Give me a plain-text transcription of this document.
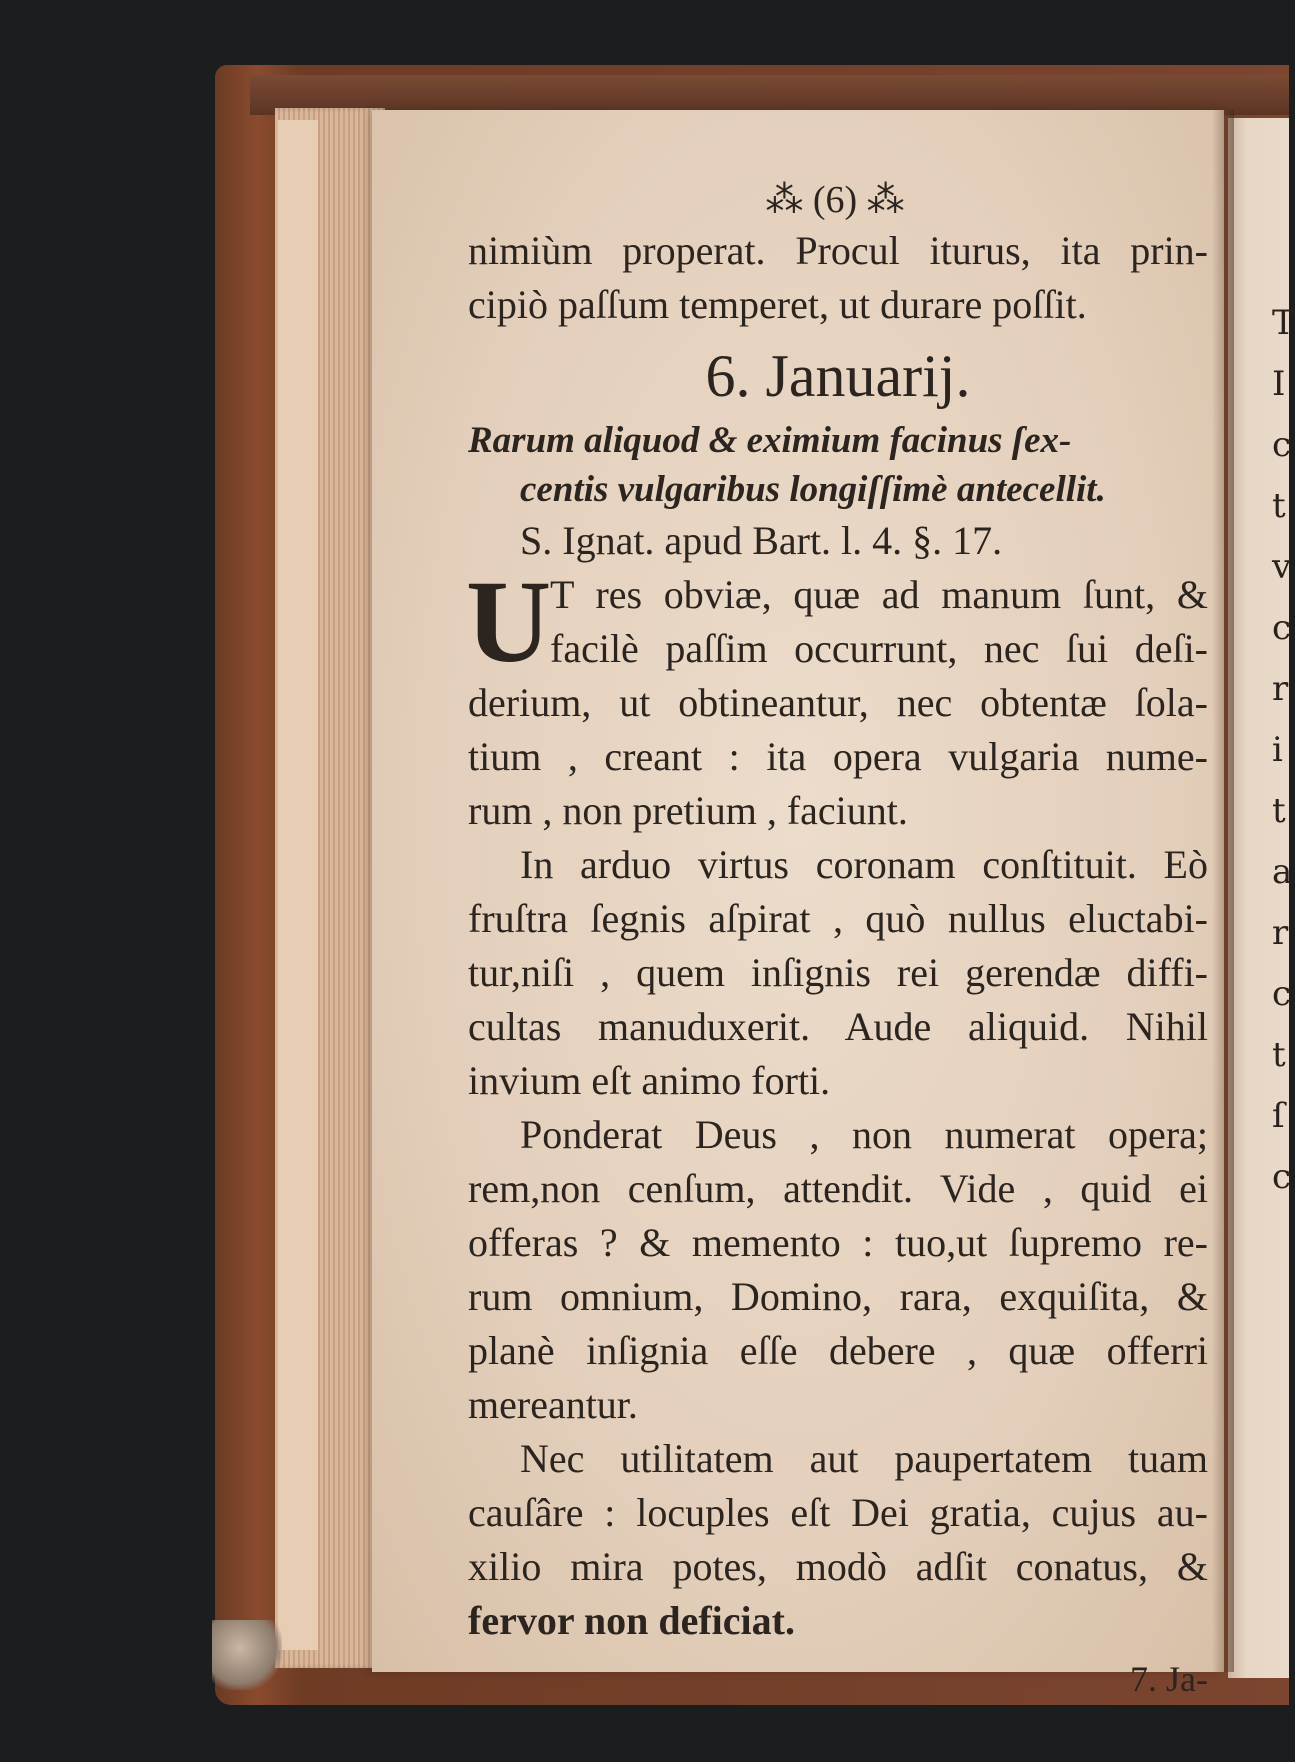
T
I
c
t
v
c
r
i
t
a
r
c
t
ſ
c
⁂ (6) ⁂
nimiùm properat. Procul iturus, ita prin-
cipiò paſſum temperet, ut durare poſſit.
6. Januarij.
Rarum aliquod & eximium facinus ſex-
centis vulgaribus longiſſimè antecellit.
S. Ignat. apud Bart. l. 4. §. 17.
U
T res obviæ, quæ ad manum ſunt, &
facilè paſſim occurrunt, nec ſui deſi-
derium, ut obtineantur, nec obtentæ ſola-
tium , creant : ita opera vulgaria nume-
rum , non pretium , faciunt.
In arduo virtus coronam conſtituit. Eò
fruſtra ſegnis aſpirat , quò nullus eluctabi-
tur,niſi , quem inſignis rei gerendæ diffi-
cultas manuduxerit. Aude aliquid. Nihil
invium eſt animo forti.
Ponderat Deus , non numerat opera;
rem,non cenſum, attendit. Vide , quid ei
offeras ? & memento : tuo,ut ſupremo re-
rum omnium, Domino, rara, exquiſita, &
planè inſignia eſſe debere , quæ offerri
mereantur.
Nec utilitatem aut paupertatem tuam
cauſâre : locuples eſt Dei gratia, cujus au-
xilio mira potes, modò adſit conatus, &
fervor non deficiat.
7. Ja-
